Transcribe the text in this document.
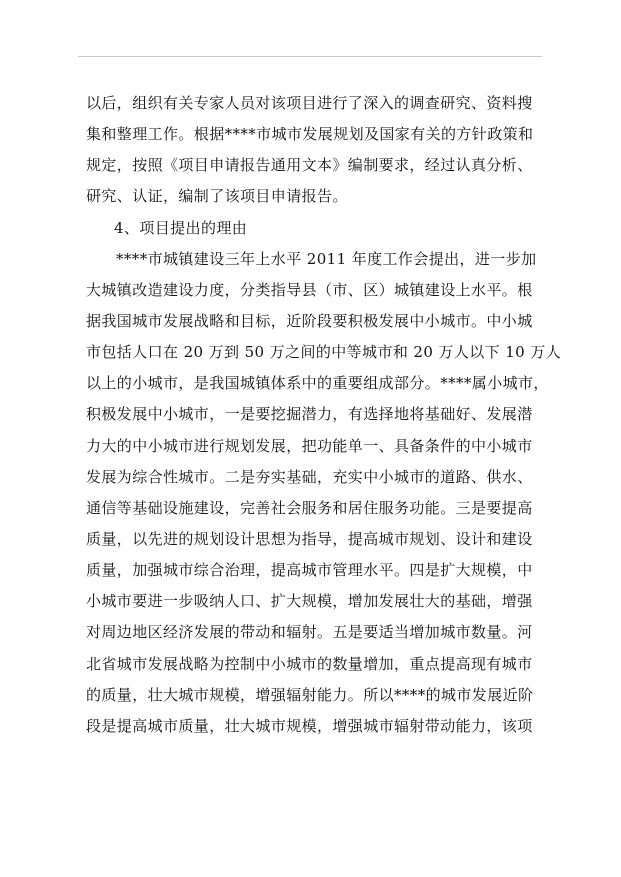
以后，组织有关专家人员对该项目进行了深入的调查研究、资料搜
集和整理工作。根据****市城市发展规划及国家有关的方针政策和
规定，按照《项目申请报告通用文本》编制要求，经过认真分析、
研究、认证，编制了该项目申请报告。
4、项目提出的理由
****市城镇建设三年上水平 2011 年度工作会提出，进一步加
大城镇改造建设力度，分类指导县（市、区）城镇建设上水平。根
据我国城市发展战略和目标，近阶段要积极发展中小城市。中小城
市包括人口在 20 万到 50 万之间的中等城市和 20 万人以下 10 万人
以上的小城市，是我国城镇体系中的重要组成部分。****属小城市，
积极发展中小城市，一是要挖掘潜力，有选择地将基础好、发展潜
力大的中小城市进行规划发展，把功能单一、具备条件的中小城市
发展为综合性城市。二是夯实基础，充实中小城市的道路、供水、
通信等基础设施建设，完善社会服务和居住服务功能。三是要提高
质量，以先进的规划设计思想为指导，提高城市规划、设计和建设
质量，加强城市综合治理，提高城市管理水平。四是扩大规模，中
小城市要进一步吸纳人口、扩大规模，增加发展壮大的基础，增强
对周边地区经济发展的带动和辐射。五是要适当增加城市数量。河
北省城市发展战略为控制中小城市的数量增加，重点提高现有城市
的质量，壮大城市规模，增强辐射能力。所以****的城市发展近阶
段是提高城市质量，壮大城市规模，增强城市辐射带动能力，该项
